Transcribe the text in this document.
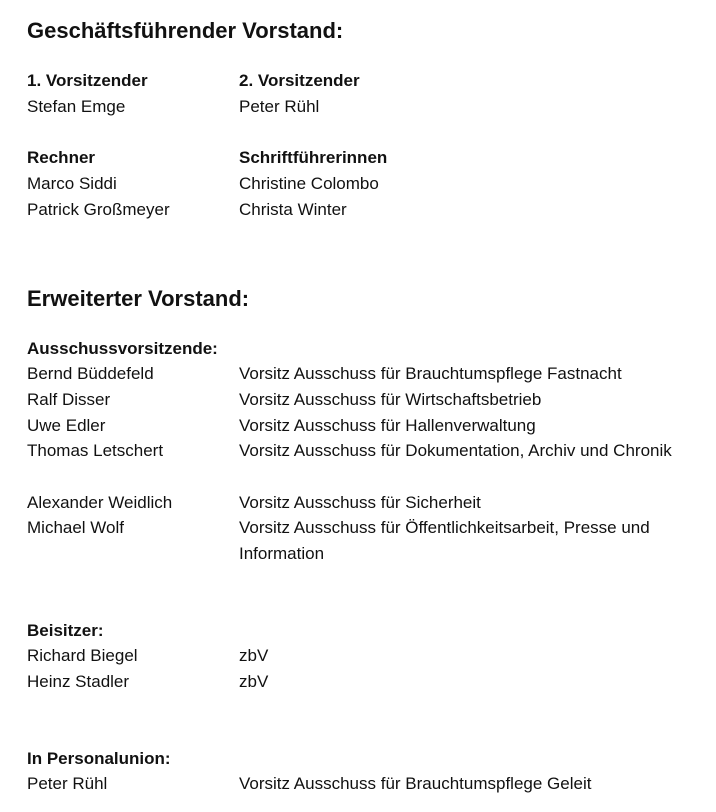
Geschäftsführender Vorstand:
1. Vorsitzender	2. Vorsitzender
Stefan Emge	Peter Rühl
Rechner	Schriftführerinnen
Marco Siddi	Christine Colombo
Patrick Großmeyer	Christa Winter
Erweiterter Vorstand:
Ausschussvorsitzende:
Bernd Büddefeld	Vorsitz Ausschuss für Brauchtumspflege Fastnacht
Ralf Disser	Vorsitz Ausschuss für Wirtschaftsbetrieb
Uwe Edler	Vorsitz Ausschuss für Hallenverwaltung
Thomas Letschert	Vorsitz Ausschuss für Dokumentation, Archiv und Chronik
Alexander Weidlich	Vorsitz Ausschuss für Sicherheit
Michael Wolf	Vorsitz Ausschuss für Öffentlichkeitsarbeit, Presse und Information
Beisitzer:
Richard Biegel	zbV
Heinz Stadler	zbV
In Personalunion:
Peter Rühl	Vorsitz Ausschuss für Brauchtumspflege Geleit
